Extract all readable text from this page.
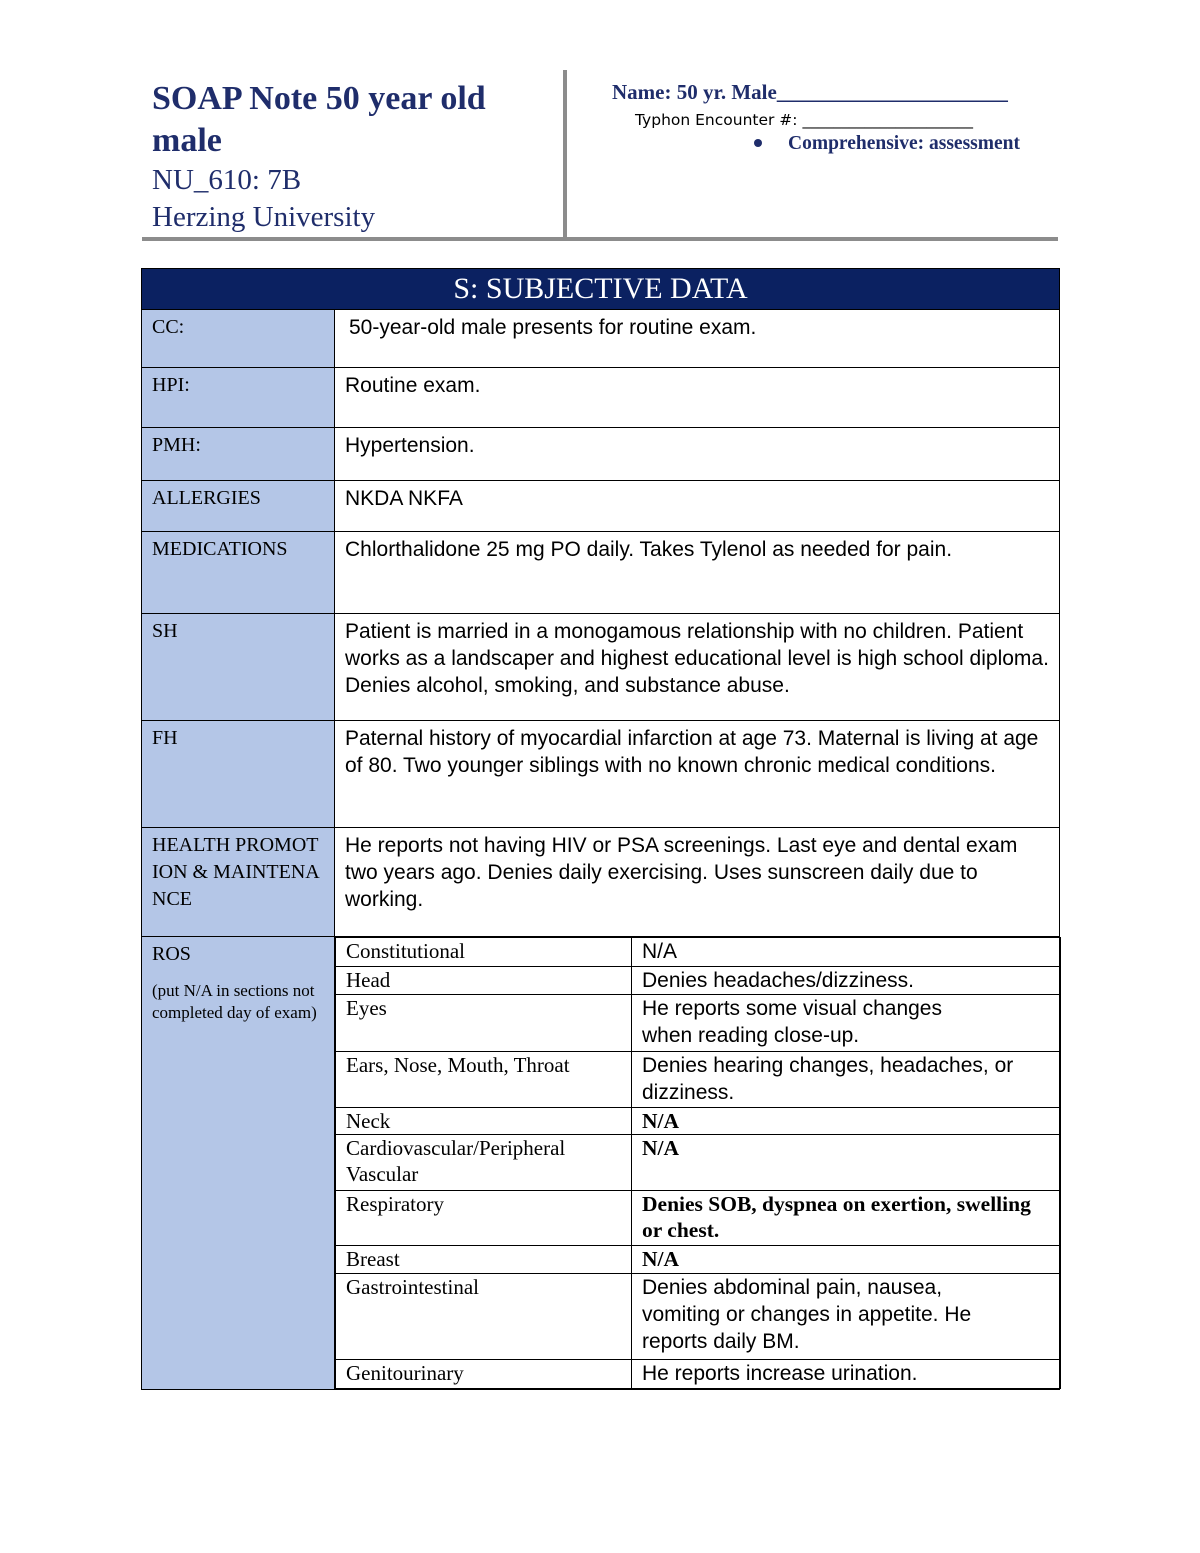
SOAP Note 50 year old
male
NU_610: 7B
Herzing University
Name: 50 yr. Male______________________
Typhon Encounter #: ______________________
Comprehensive: assessment
S: SUBJECTIVE DATA
CC:	50-year-old male presents for routine exam.
HPI:	Routine exam.
PMH:	Hypertension.
ALLERGIES	NKDA NKFA
MEDICATIONS	Chlorthalidone 25 mg PO daily. Takes Tylenol as needed for pain.
SH	Patient is married in a monogamous relationship with no children. Patient works as a landscaper and highest educational level is high school diploma. Denies alcohol, smoking, and substance abuse.
FH	Paternal history of myocardial infarction at age 73. Maternal is living at age of 80. Two younger siblings with no known chronic medical conditions.
HEALTH PROMOTION & MAINTENANCE	He reports not having HIV or PSA screenings. Last eye and dental exam two years ago. Denies daily exercising. Uses sunscreen daily due to working.
ROS
(put N/A in sections not completed day of exam)

Constitutional	N/A
Head	Denies headaches/dizziness.
Eyes	He reports some visual changes when reading close-up.
Ears, Nose, Mouth, Throat	Denies hearing changes, headaches, or dizziness.
Neck	N/A
Cardiovascular/Peripheral Vascular	N/A
Respiratory	Denies SOB, dyspnea on exertion, swelling or chest.
Breast	N/A
Gastrointestinal	Denies abdominal pain, nausea, vomiting or changes in appetite. He reports daily BM.
Genitourinary	He reports increase urination.
